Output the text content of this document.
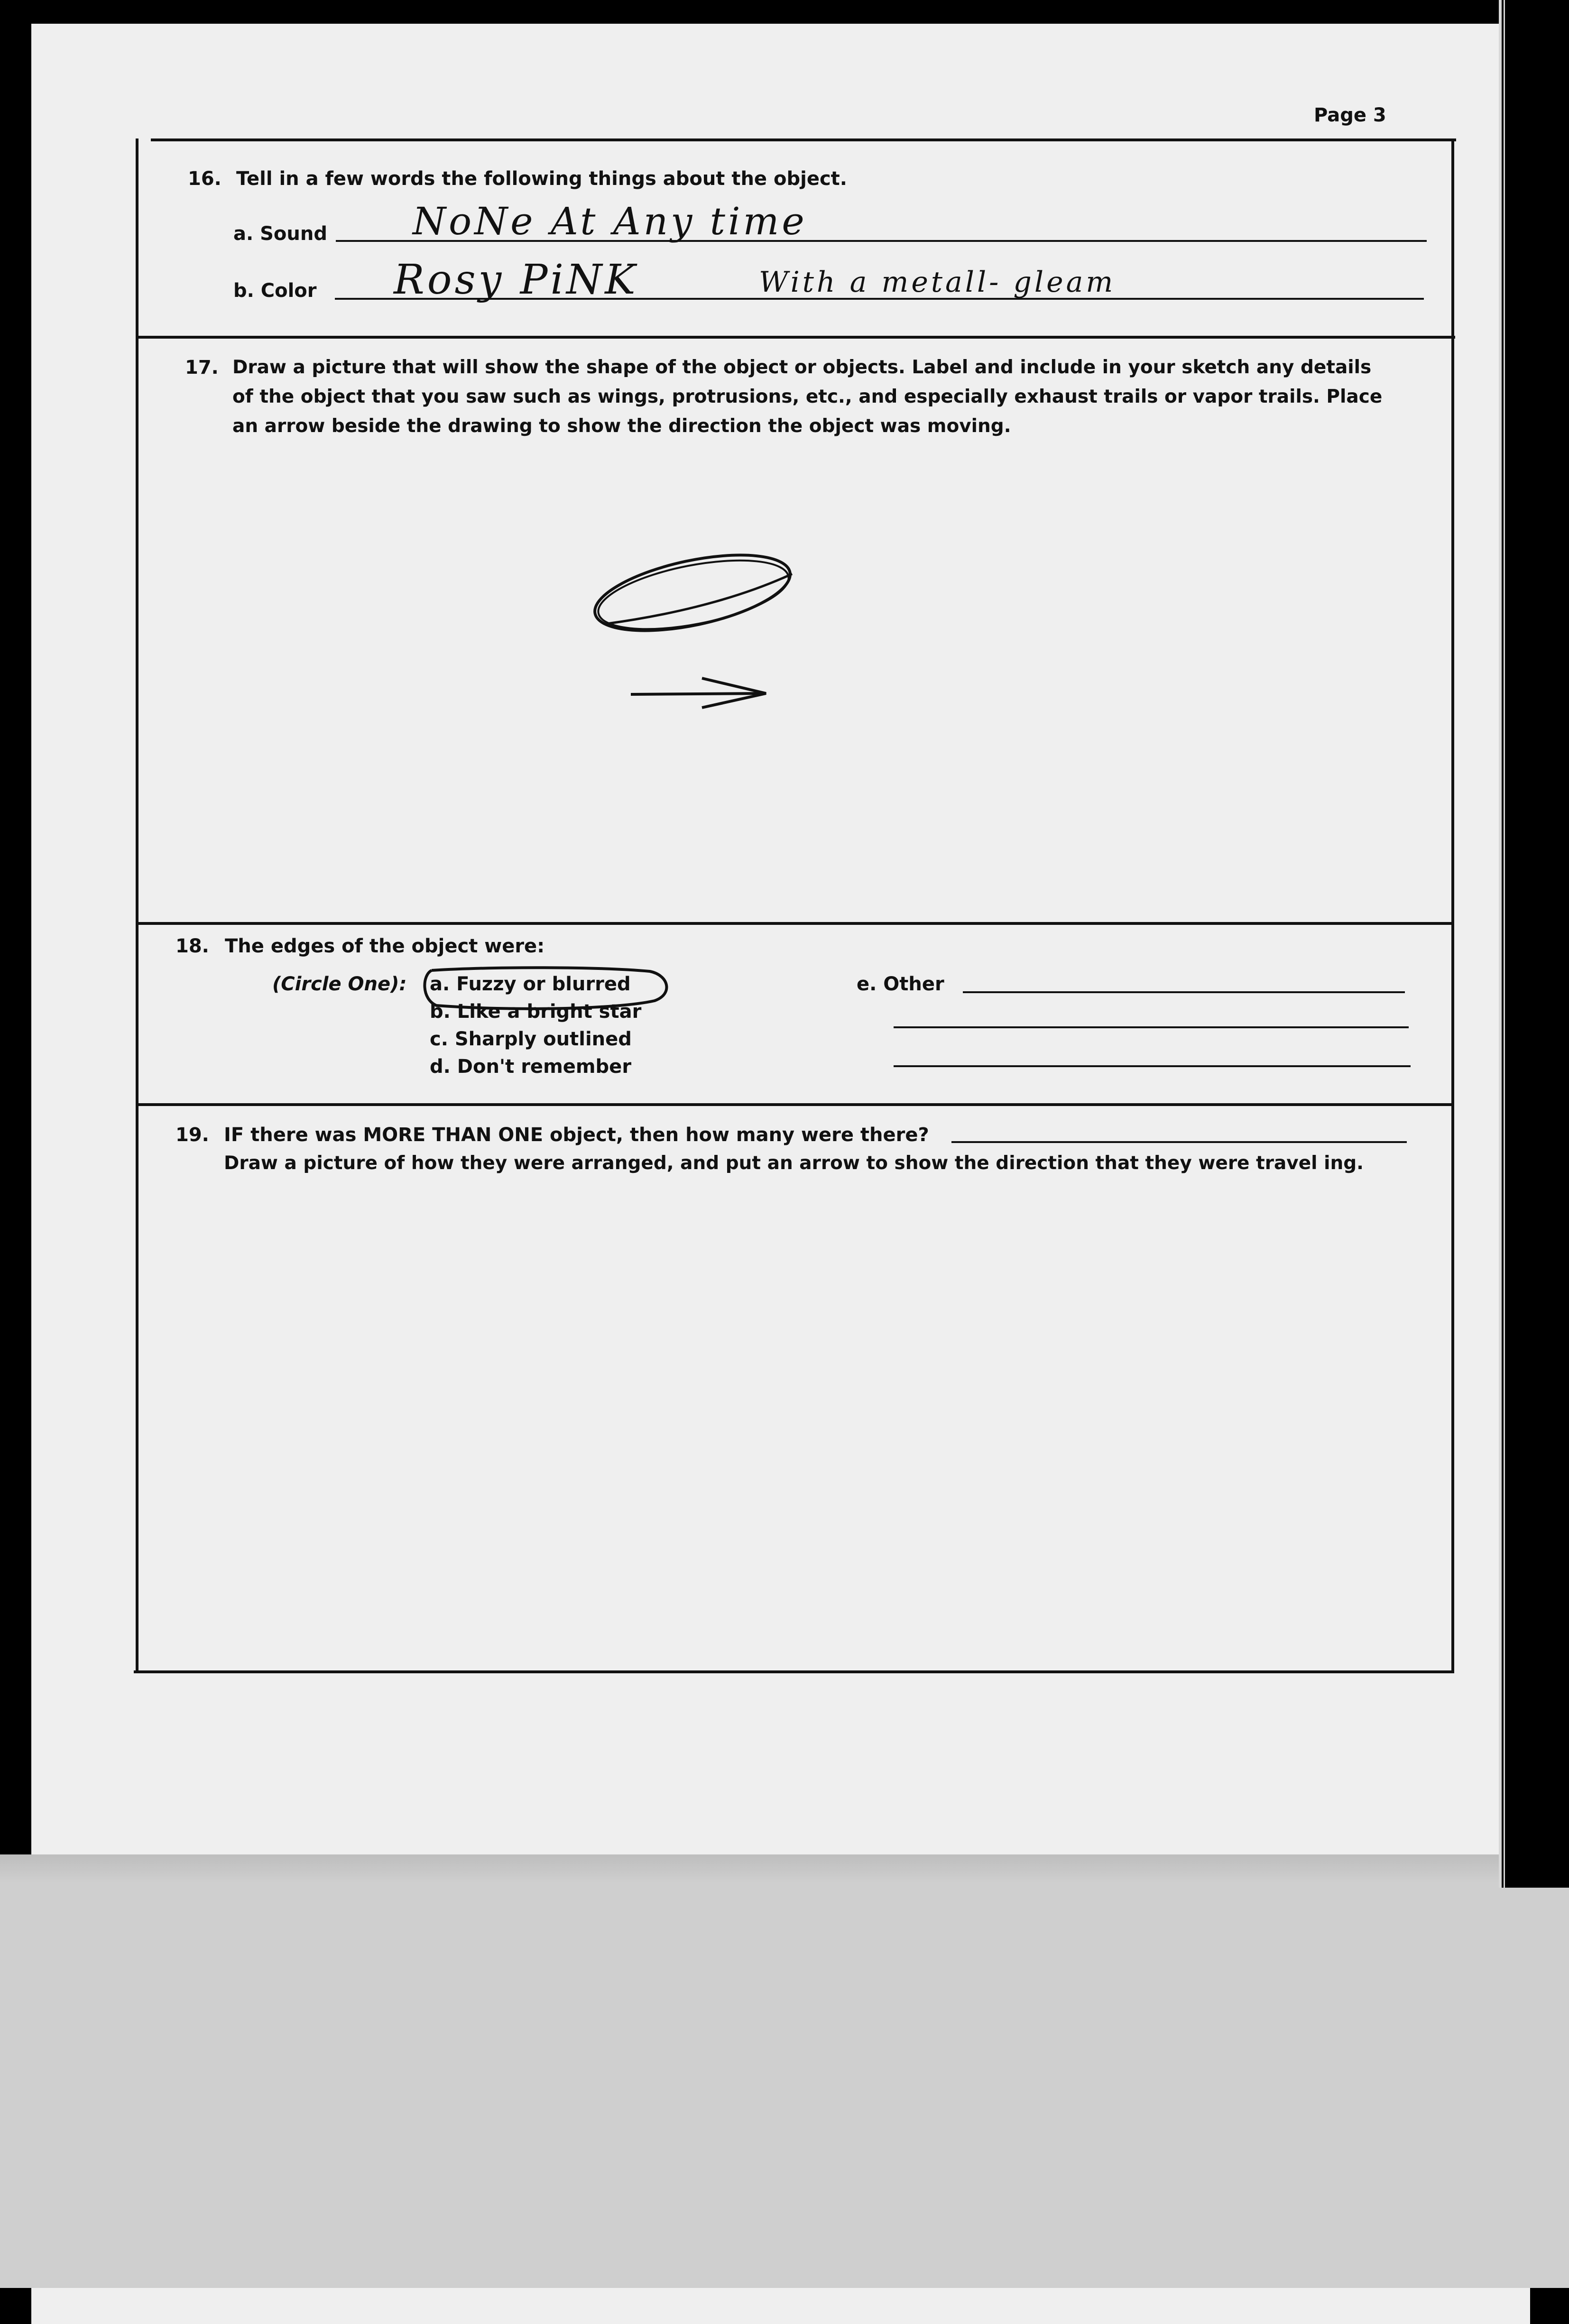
Page 3
16. Tell in a few words the following things about the object.
a. Sound NoNe At Any time
b. Color Rosy PiNK	With a metall- gleam
17. Draw a picture that will show the shape of the object or objects. Label and include in your sketch any details
of the object that you saw such as wings, protrusions, etc., and especially exhaust trails or vapor trails. Place
an arrow beside the drawing to show the direction the object was moving.
18. The edges of the object were:
(Circle One): a. Fuzzy or blurred
b. Like a bright star
c. Sharply outlined
d. Don't remember
e. Other
19. IF there was MORE THAN ONE object, then how many were there?
Draw a picture of how they were arranged, and put an arrow to show the direction that they were travel ing.
